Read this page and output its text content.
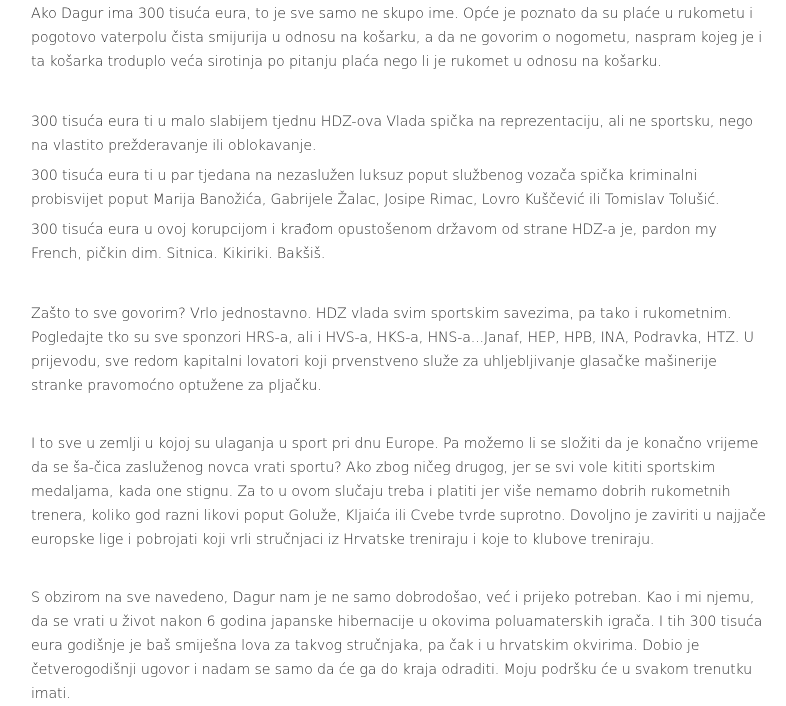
Ako Dagur ima 300 tisuća eura, to je sve samo ne skupo ime. Opće je poznato da su plaće u rukometu i pogotovo vaterpolu čista smijurija u odnosu na košarku, a da ne govorim o nogometu, naspram kojeg je i ta košarka troduplo veća sirotinja po pitanju plaća nego li je rukomet u odnosu na košarku.

300 tisuća eura ti u malo slabijem tjednu HDZ-ova Vlada spička na reprezentaciju, ali ne sportsku, nego na vlastito prežderavanje ili oblokavanje.

300 tisuća eura ti u par tjedana na nezaslužen luksuz poput službenog vozača spička kriminalni probisvijet poput Marija Banožića, Gabrijele Žalac, Josipe Rimac, Lovro Kuščević ili Tomislav Tolušić.

300 tisuća eura u ovoj korupcijom i krađom opustošenom državom od strane HDZ-a je, pardon my French, pičkin dim. Sitnica. Kikiriki. Bakšiš.

Zašto to sve govorim? Vrlo jednostavno. HDZ vlada svim sportskim savezima, pa tako i rukometnim. Pogledajte tko su sve sponzori HRS-a, ali i HVS-a, HKS-a, HNS-a...Janaf, HEP, HPB, INA, Podravka, HTZ. U prijevodu, sve redom kapitalni lovatori koji prvenstveno služe za uhljebljivanje glasačke mašinerije stranke pravomoćno optužene za pljačku.

I to sve u zemlji u kojoj su ulaganja u sport pri dnu Europe. Pa možemo li se složiti da je konačno vrijeme da se ša-čica zasluženog novca vrati sportu? Ako zbog ničeg drugog, jer se svi vole kititi sportskim medaljama, kada one stignu. Za to u ovom slučaju treba i platiti jer više nemamo dobrih rukometnih trenera, koliko god razni likovi poput Goluže, Kljaića ili Cvebe tvrde suprotno. Dovoljno je zaviriti u najjače europske lige i pobrojati koji vrli stručnjaci iz Hrvatske treniraju i koje to klubove treniraju.

S obzirom na sve navedeno, Dagur nam je ne samo dobrodošao, već i prijeko potreban. Kao i mi njemu, da se vrati u život nakon 6 godina japanske hibernacije u okovima poluamaterskih igrača. I tih 300 tisuća eura godišnje je baš smiješna lova za takvog stručnjaka, pa čak i u hrvatskim okvirima. Dobio je četverogodišnji ugovor i nadam se samo da će ga do kraja odraditi. Moju podršku će u svakom trenutku imati.
